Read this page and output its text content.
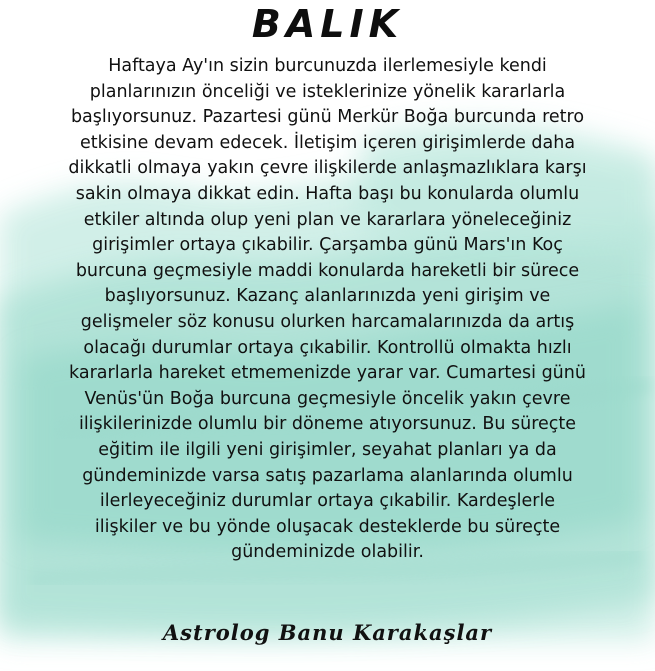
BALIK
Haftaya Ay'ın sizin burcunuzda ilerlemesiyle kendi
planlarınızın önceliği ve isteklerinize yönelik kararlarla
başlıyorsunuz. Pazartesi günü Merkür Boğa burcunda retro
etkisine devam edecek. İletişim içeren girişimlerde daha
dikkatli olmaya yakın çevre ilişkilerde anlaşmazlıklara karşı
sakin olmaya dikkat edin. Hafta başı bu konularda olumlu
etkiler altında olup yeni plan ve kararlara yöneleceğiniz
girişimler ortaya çıkabilir. Çarşamba günü Mars'ın Koç
burcuna geçmesiyle maddi konularda hareketli bir sürece
başlıyorsunuz. Kazanç alanlarınızda yeni girişim ve
gelişmeler söz konusu olurken harcamalarınızda da artış
olacağı durumlar ortaya çıkabilir. Kontrollü olmakta hızlı
kararlarla hareket etmemenizde yarar var. Cumartesi günü
Venüs'ün Boğa burcuna geçmesiyle öncelik yakın çevre
ilişkilerinizde olumlu bir döneme atıyorsunuz. Bu süreçte
eğitim ile ilgili yeni girişimler, seyahat planları ya da
gündeminizde varsa satış pazarlama alanlarında olumlu
ilerleyeceğiniz durumlar ortaya çıkabilir. Kardeşlerle
ilişkiler ve bu yönde oluşacak desteklerde bu süreçte
gündeminizde olabilir.
Astrolog Banu Karakaşlar
